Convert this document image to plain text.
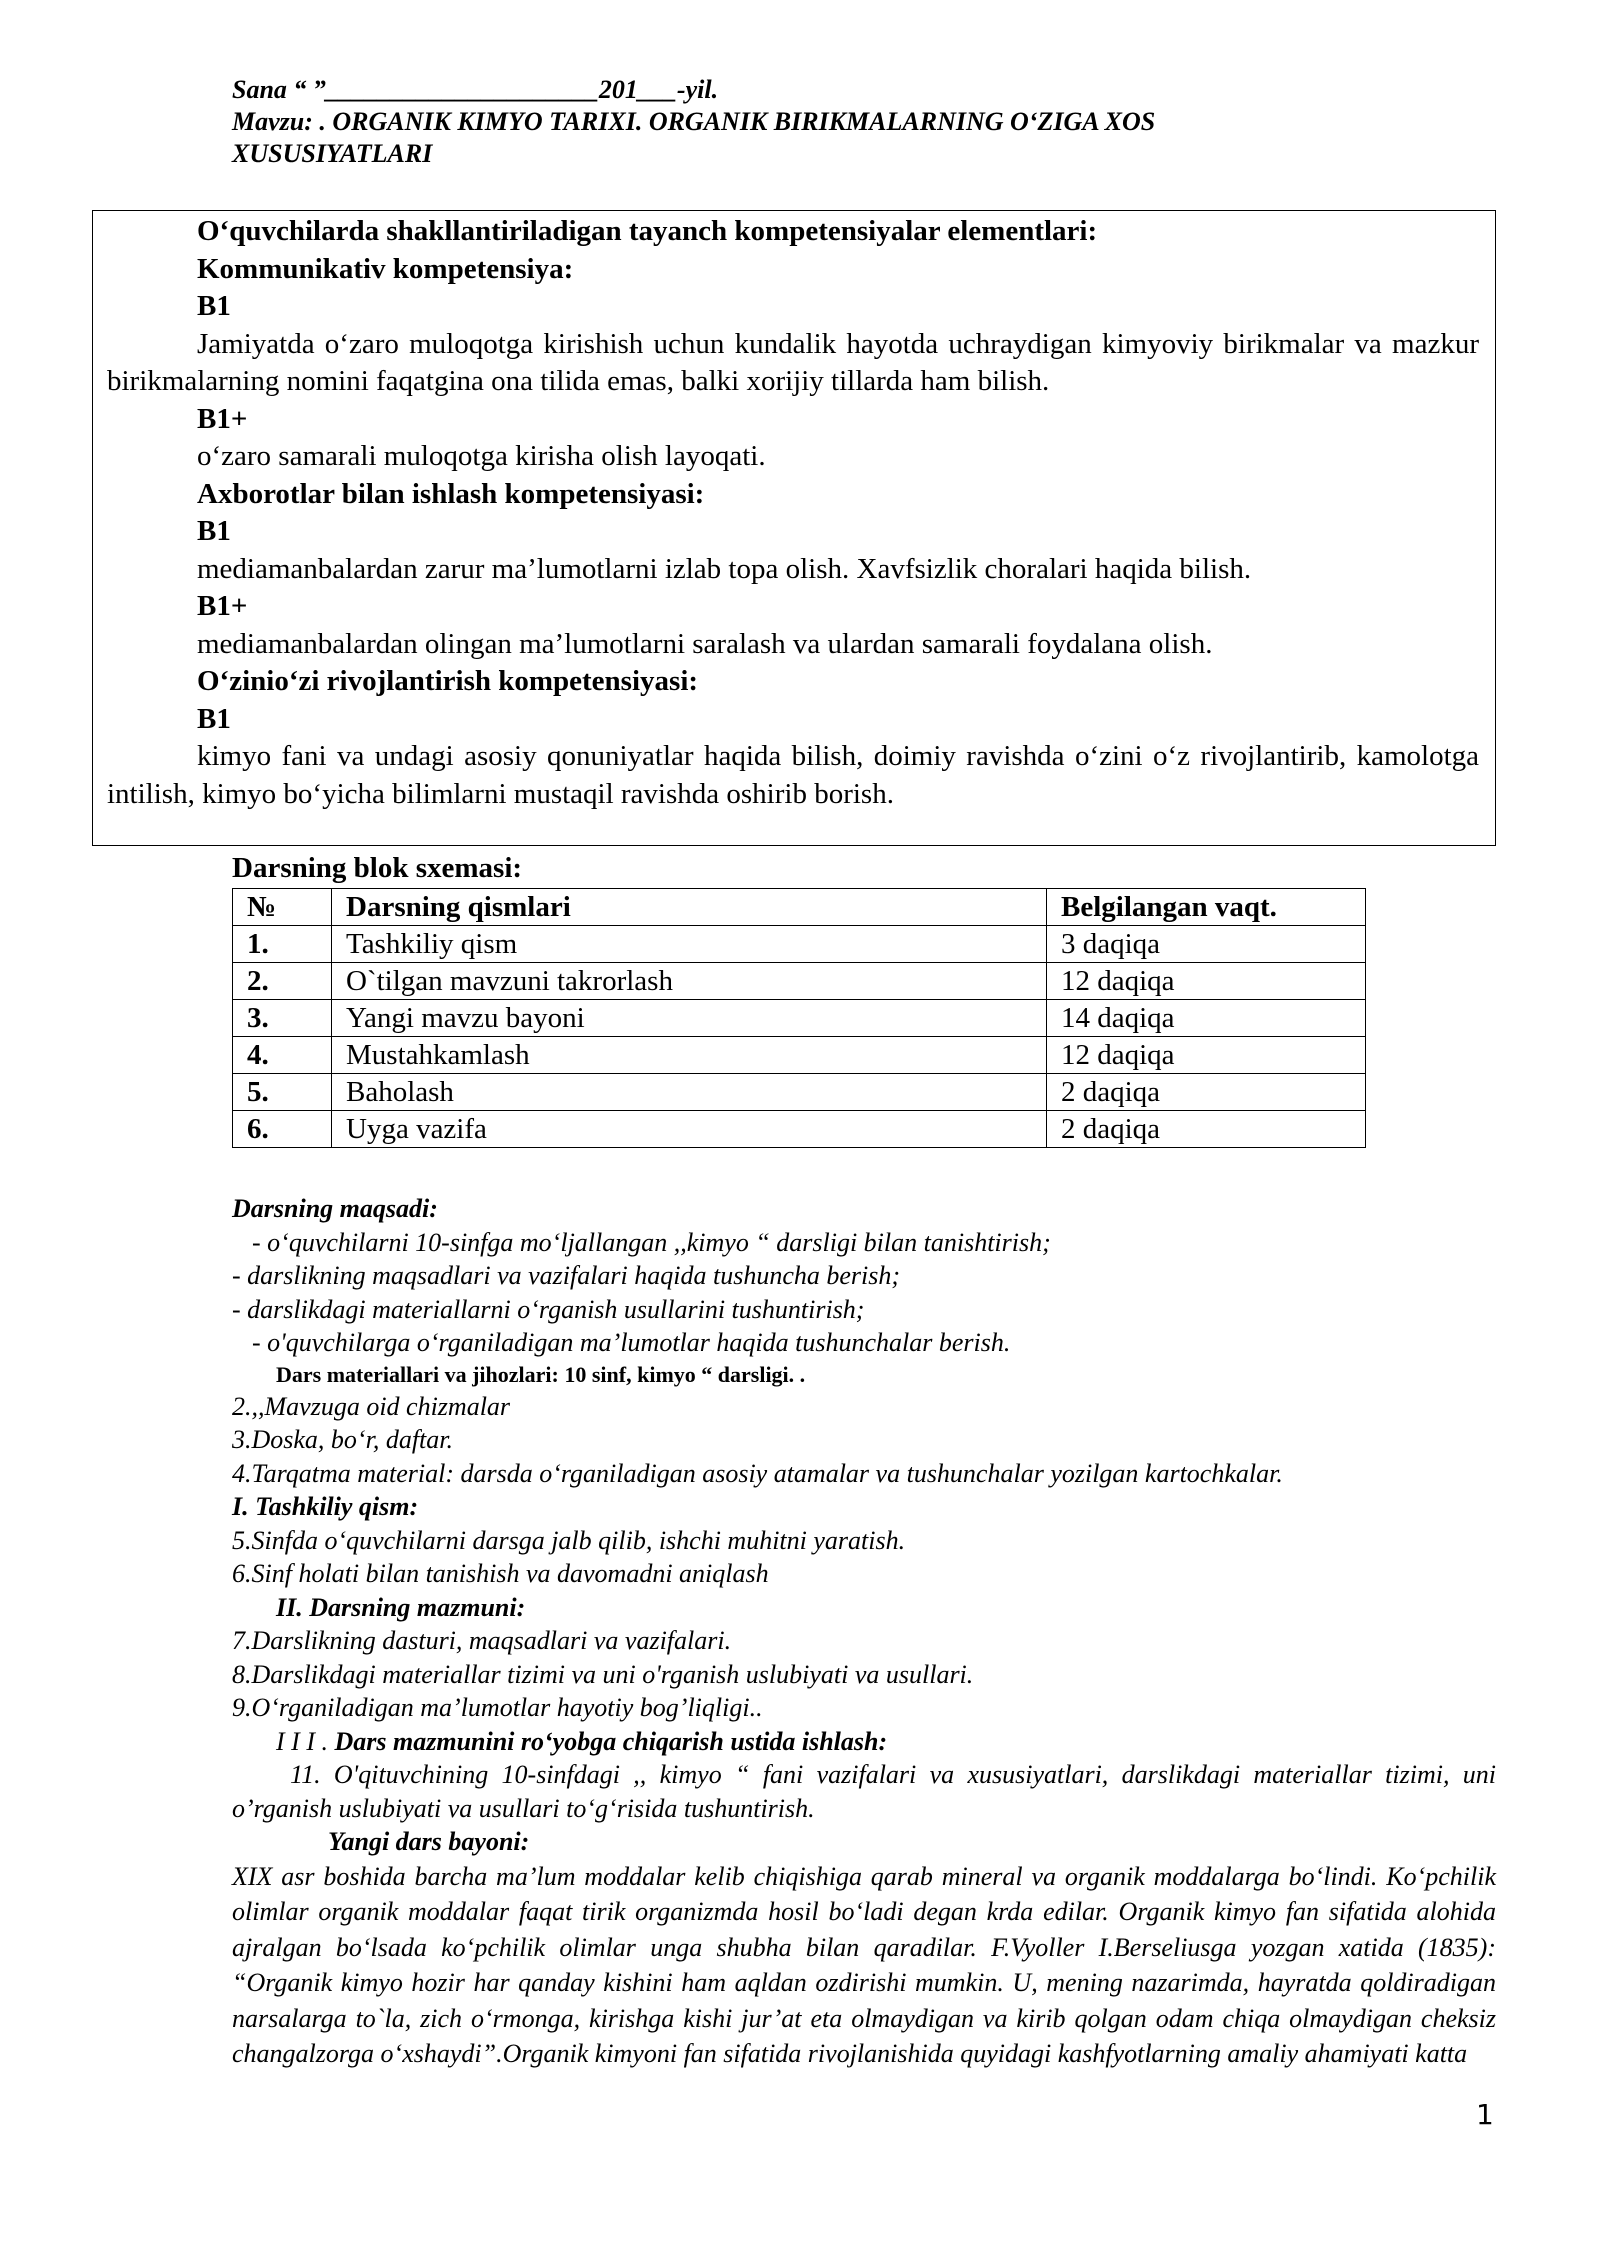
Sana “ ”_____________________201___-yil.
Mavzu: . ORGANIK KIMYO TARIXI. ORGANIK BIRIKMALARNING O‘ZIGA XOS
XUSUSIYATLARI

O‘quvchilarda shakllantiriladigan tayanch kompetensiyalar elementlari:

Kommunikativ kompetensiya:

B1

Jamiyatda o‘zaro muloqotga kirishish uchun kundalik hayotda uchraydigan kimyoviy birikmalar va mazkur birikmalarning nomini faqatgina ona tilida emas, balki xorijiy tillarda ham bilish.

B1+

o‘zaro samarali muloqotga kirisha olish layoqati.

Axborotlar bilan ishlash kompetensiyasi:

B1

mediamanbalardan zarur ma’lumotlarni izlab topa olish. Xavfsizlik choralari haqida bilish.

B1+

mediamanbalardan olingan ma’lumotlarni saralash va ulardan samarali foydalana olish.

O‘zinio‘zi rivojlantirish kompetensiyasi:

B1

kimyo fani va undagi asosiy qonuniyatlar haqida bilish, doimiy ravishda o‘zini o‘z rivojlantirib, kamolotga intilish, kimyo bo‘yicha bilimlarni mustaqil ravishda oshirib borish.

Darsning blok sxemasi:
№	Darsning qismlari	Belgilangan vaqt.
1.	Tashkiliy qism	3 daqiqa
2.	O`tilgan mavzuni takrorlash	12 daqiqa
3.	Yangi mavzu bayoni	14 daqiqa
4.	Mustahkamlash	12 daqiqa
5.	Baholash	2 daqiqa
6.	Uyga vazifa	2 daqiqa

Darsning maqsadi:

- o‘quvchilarni 10-sinfga mo‘ljallangan ,,kimyo “ darsligi bilan tanishtirish;

- darslikning maqsadlari va vazifalari haqida tushuncha berish;

- darslikdagi materiallarni o‘rganish usullarini tushuntirish;

- o'quvchilarga o‘rganiladigan ma’lumotlar haqida tushunchalar berish.

Dars materiallari va jihozlari: 10 sinf, kimyo “ darsligi. .

2.,,Mavzuga oid chizmalar

3.Doska, bo‘r, daftar.

4.Tarqatma material: darsda o‘rganiladigan asosiy atamalar va tushunchalar yozilgan kartochkalar.

I. Tashkiliy qism:

5.Sinfda o‘quvchilarni darsga jalb qilib, ishchi muhitni yaratish.

6.Sinf holati bilan tanishish va davomadni aniqlash

II. Darsning mazmuni:

7.Darslikning dasturi, maqsadlari va vazifalari.

8.Darslikdagi materiallar tizimi va uni o'rganish uslubiyati va usullari.

9.O‘rganiladigan ma’lumotlar hayotiy bog’liqligi..

I I I . Dars mazmunini ro‘yobga chiqarish ustida ishlash:

11. O'qituvchining 10-sinfdagi ,, kimyo “ fani vazifalari va xususiyatlari, darslikdagi materiallar tizimi, uni o’rganish uslubiyati va usullari to‘g‘risida tushuntirish.

Yangi dars bayoni:

XIX asr boshida barcha ma’lum moddalar kelib chiqishiga qarab mineral va organik moddalarga bo‘lindi. Ko‘pchilik olimlar organik moddalar faqat tirik organizmda hosil bo‘ladi degan krda edilar. Organik kimyo fan sifatida alohida ajralgan bo‘lsada ko‘pchilik olimlar unga shubha bilan qaradilar. F.Vyoller I.Berseliusga yozgan xatida (1835): “Organik kimyo hozir har qanday kishini ham aqldan ozdirishi mumkin. U, mening nazarimda, hayratda qoldiradigan narsalarga to`la, zich o‘rmonga, kirishga kishi jur’at eta olmaydigan va kirib qolgan odam chiqa olmaydigan cheksiz changalzorga o‘xshaydi”.Organik kimyoni fan sifatida rivojlanishida quyidagi kashfyotlarning amaliy ahamiyati katta

1
